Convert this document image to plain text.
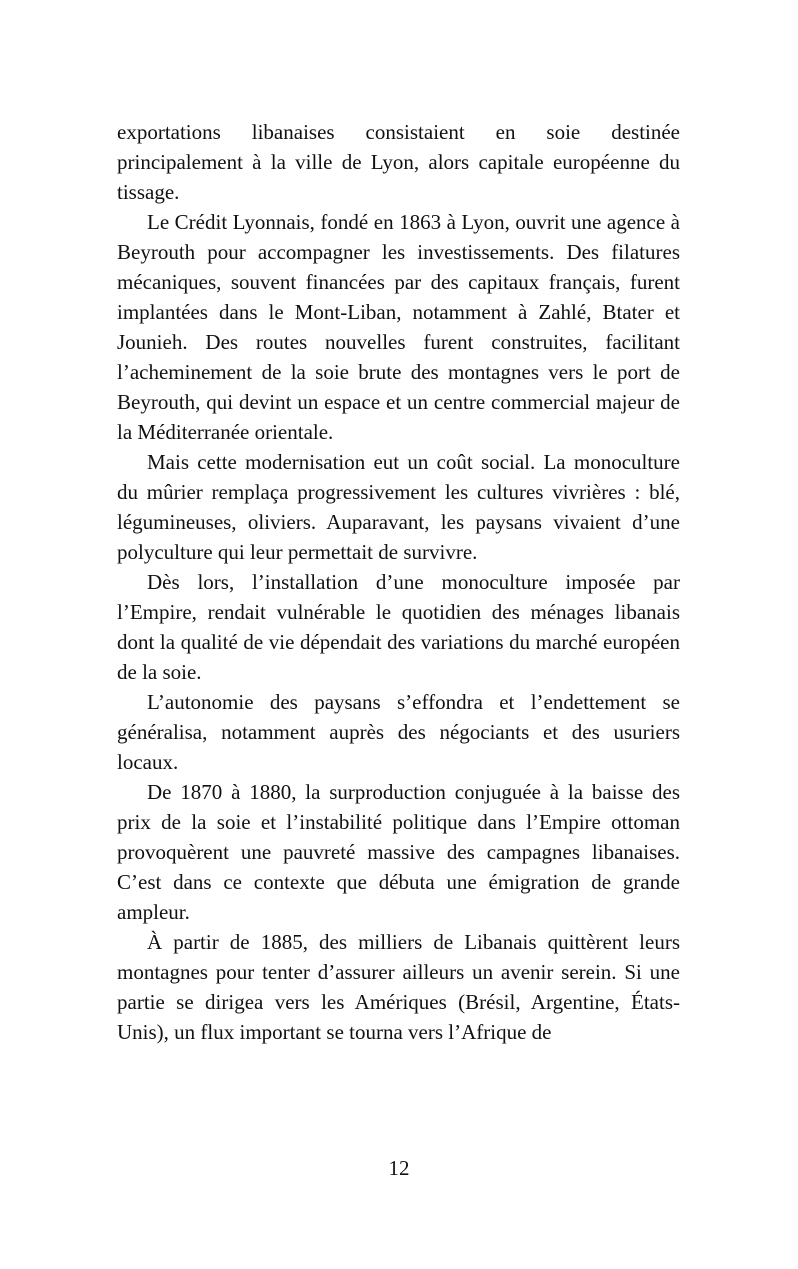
exportations libanaises consistaient en soie destinée principalement à la ville de Lyon, alors capitale européenne du tissage.

Le Crédit Lyonnais, fondé en 1863 à Lyon, ouvrit une agence à Beyrouth pour accompagner les investissements. Des filatures mécaniques, souvent financées par des capitaux français, furent implantées dans le Mont-Liban, notamment à Zahlé, Btater et Jounieh. Des routes nouvelles furent construites, facilitant l’acheminement de la soie brute des montagnes vers le port de Beyrouth, qui devint un espace et un centre commercial majeur de la Méditerranée orientale.

Mais cette modernisation eut un coût social. La monoculture du mûrier remplaça progressivement les cultures vivrières : blé, légumineuses, oliviers. Auparavant, les paysans vivaient d’une polyculture qui leur permettait de survivre.

Dès lors, l’installation d’une monoculture imposée par l’Empire, rendait vulnérable le quotidien des ménages libanais dont la qualité de vie dépendait des variations du marché européen de la soie.

L’autonomie des paysans s’effondra et l’endettement se généralisa, notamment auprès des négociants et des usuriers locaux.

De 1870 à 1880, la surproduction conjuguée à la baisse des prix de la soie et l’instabilité politique dans l’Empire ottoman provoquèrent une pauvreté massive des campagnes libanaises. C’est dans ce contexte que débuta une émigration de grande ampleur.

À partir de 1885, des milliers de Libanais quittèrent leurs montagnes pour tenter d’assurer ailleurs un avenir serein. Si une partie se dirigea vers les Amériques (Brésil, Argentine, États-Unis), un flux important se tourna vers l’Afrique de

12
